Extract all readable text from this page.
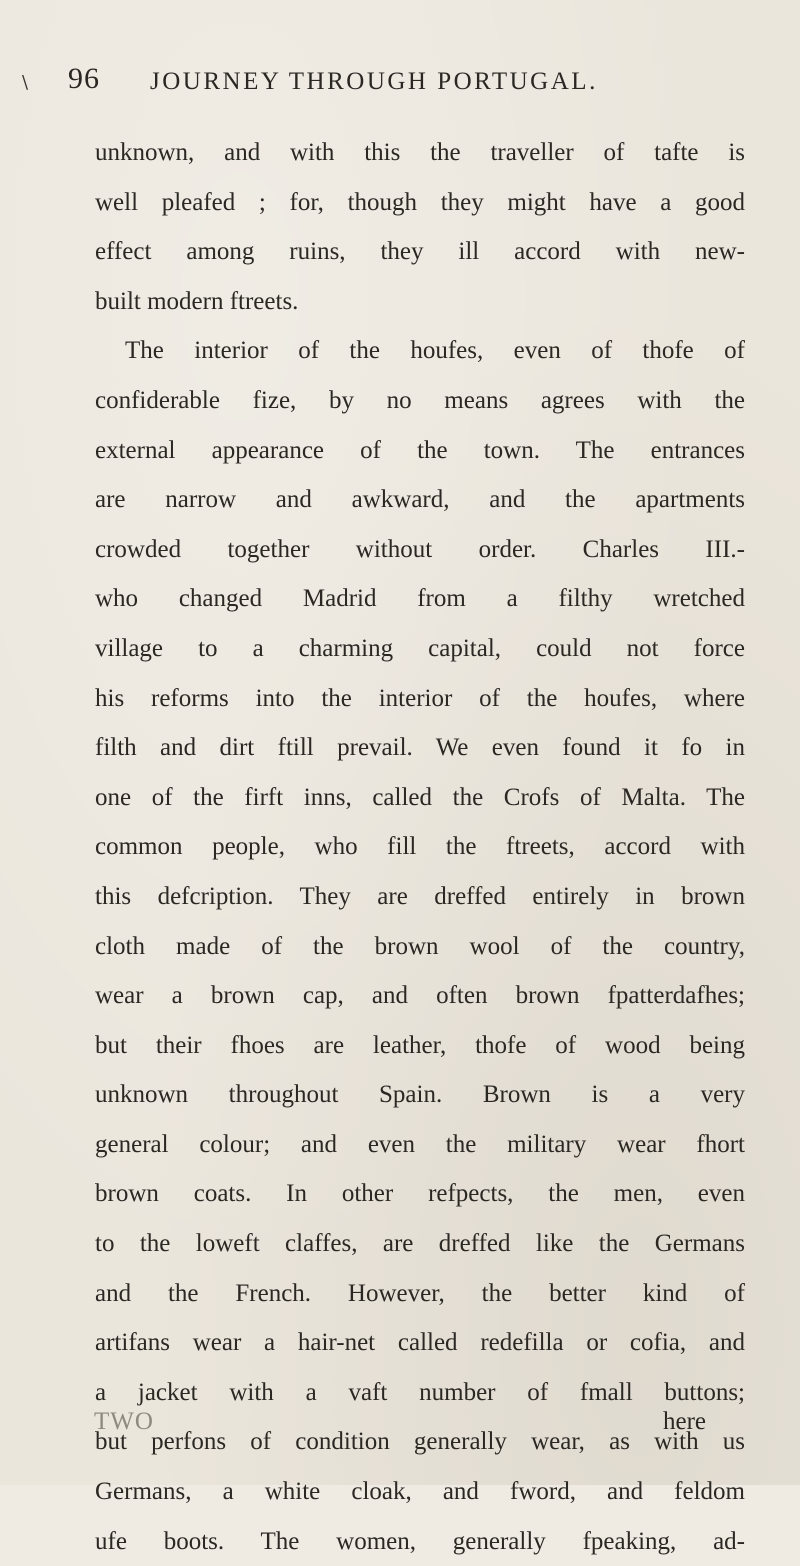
\ 96 JOURNEY THROUGH PORTUGAL.
unknown, and with this the traveller of tafte is
well pleafed ; for, though they might have a good
effect among ruins, they ill accord with new-
built modern ftreets.
The interior of the houfes, even of thofe of
confiderable fize, by no means agrees with the
external appearance of the town. The entrances
are narrow and awkward, and the apartments
crowded together without order. Charles III.-
who changed Madrid from a filthy wretched
village to a charming capital, could not force
his reforms into the interior of the houfes, where
filth and dirt ftill prevail. We even found it fo in
one of the firft inns, called the Crofs of Malta. The
common people, who fill the ftreets, accord with
this defcription. They are dreffed entirely in brown
cloth made of the brown wool of the country,
wear a brown cap, and often brown fpatterdafhes;
but their fhoes are leather, thofe of wood being
unknown throughout Spain. Brown is a very
general colour; and even the military wear fhort
brown coats. In other refpects, the men, even
to the loweft claffes, are dreffed like the Germans
and the French. However, the better kind of
artifans wear a hair-net called redefilla or cofia, and
a jacket with a vaft number of fmall buttons;
but perfons of condition generally wear, as with us
Germans, a white cloak, and fword, and feldom
ufe boots. The women, generally fpeaking, ad-
TWO	here
